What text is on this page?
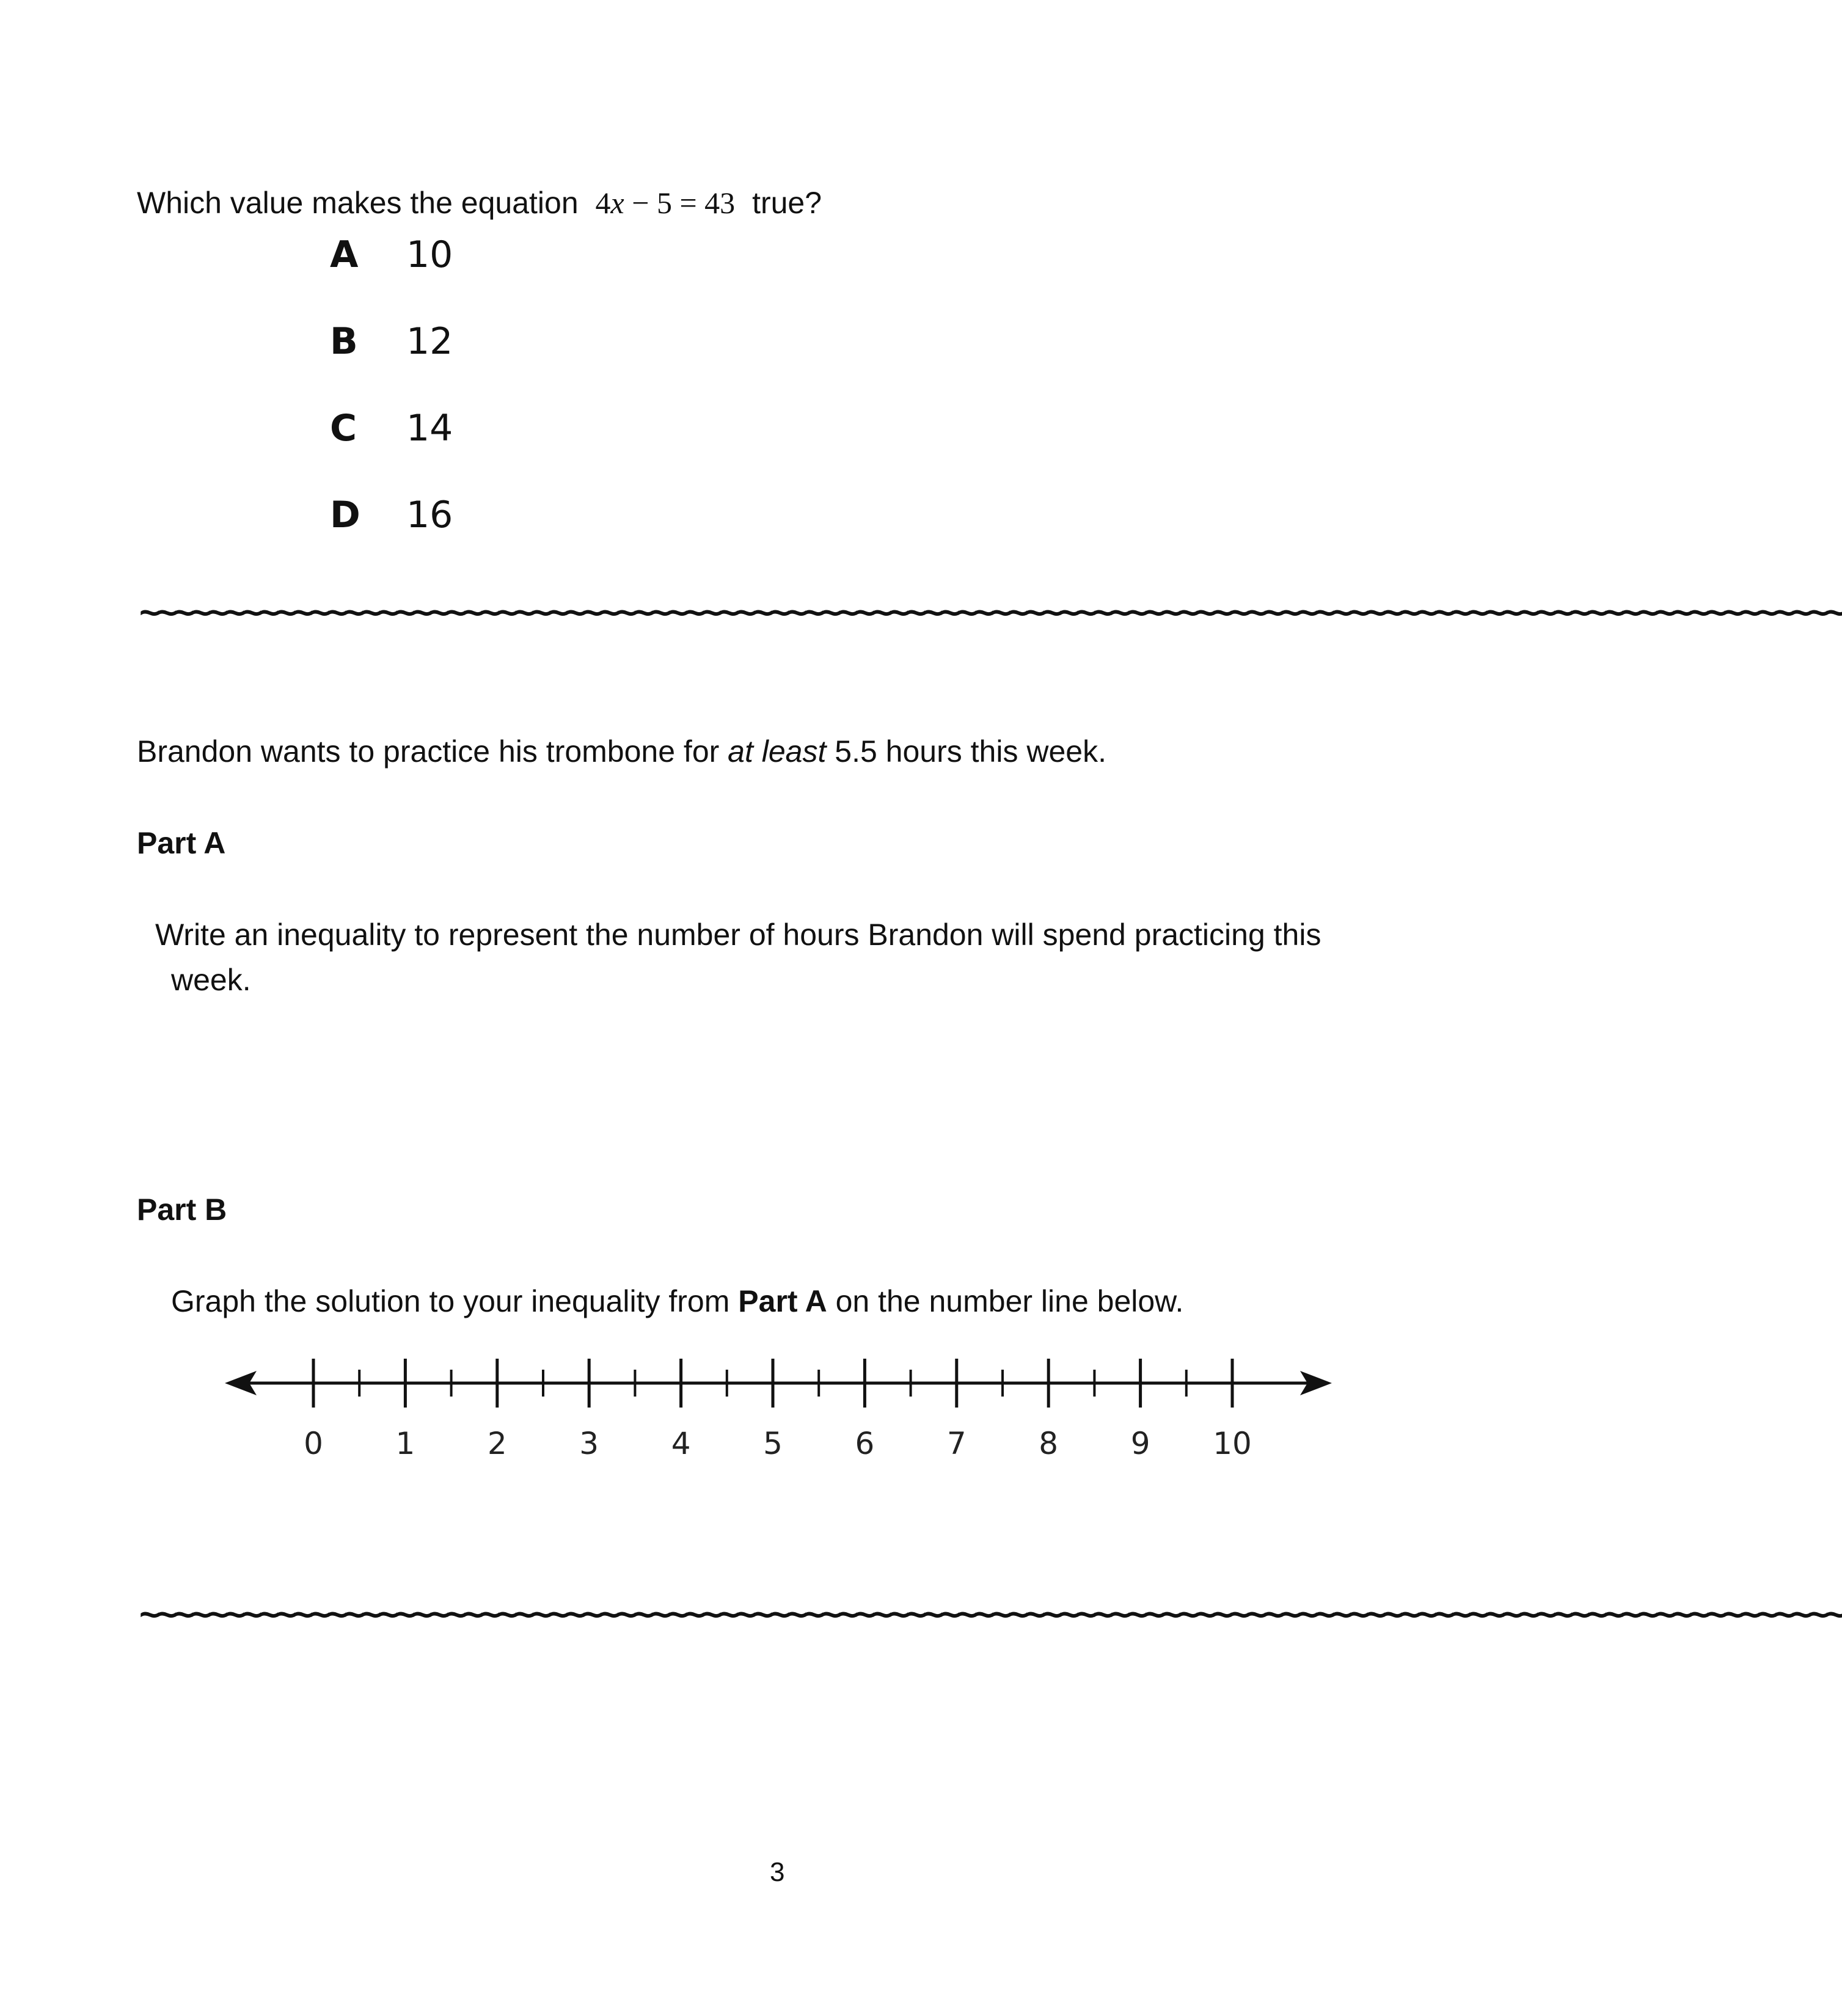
Which value makes the equation 4x − 5 = 43 true?
A 10
B 12
C 14
D 16
~~~~~~~~~~~~~~~~~~~~~~~~~~~~~~~~~~~~~~~~~~~~~~~~~~~~~~~~~~~~~~~~~~~~~~~~~~~~~~~~~~~~~~~~~~~~~~~~~~~~
Brandon wants to practice his trombone for at least 5.5 hours this week.
Part A
Write an inequality to represent the number of hours Brandon will spend practicing this
week.
Part B
Graph the solution to your inequality from Part A on the number line below.
0 1 2 3 4 5 6 7 8 9 10
~~~~~~~~~~~~~~~~~~~~~~~~~~~~~~~~~~~~~~~~~~~~~~~~~~~~~~~~~~~~~~~~~~~~~~~~~~~~~~~~~~~~~~~~~~~~~~~~~~~~
3
